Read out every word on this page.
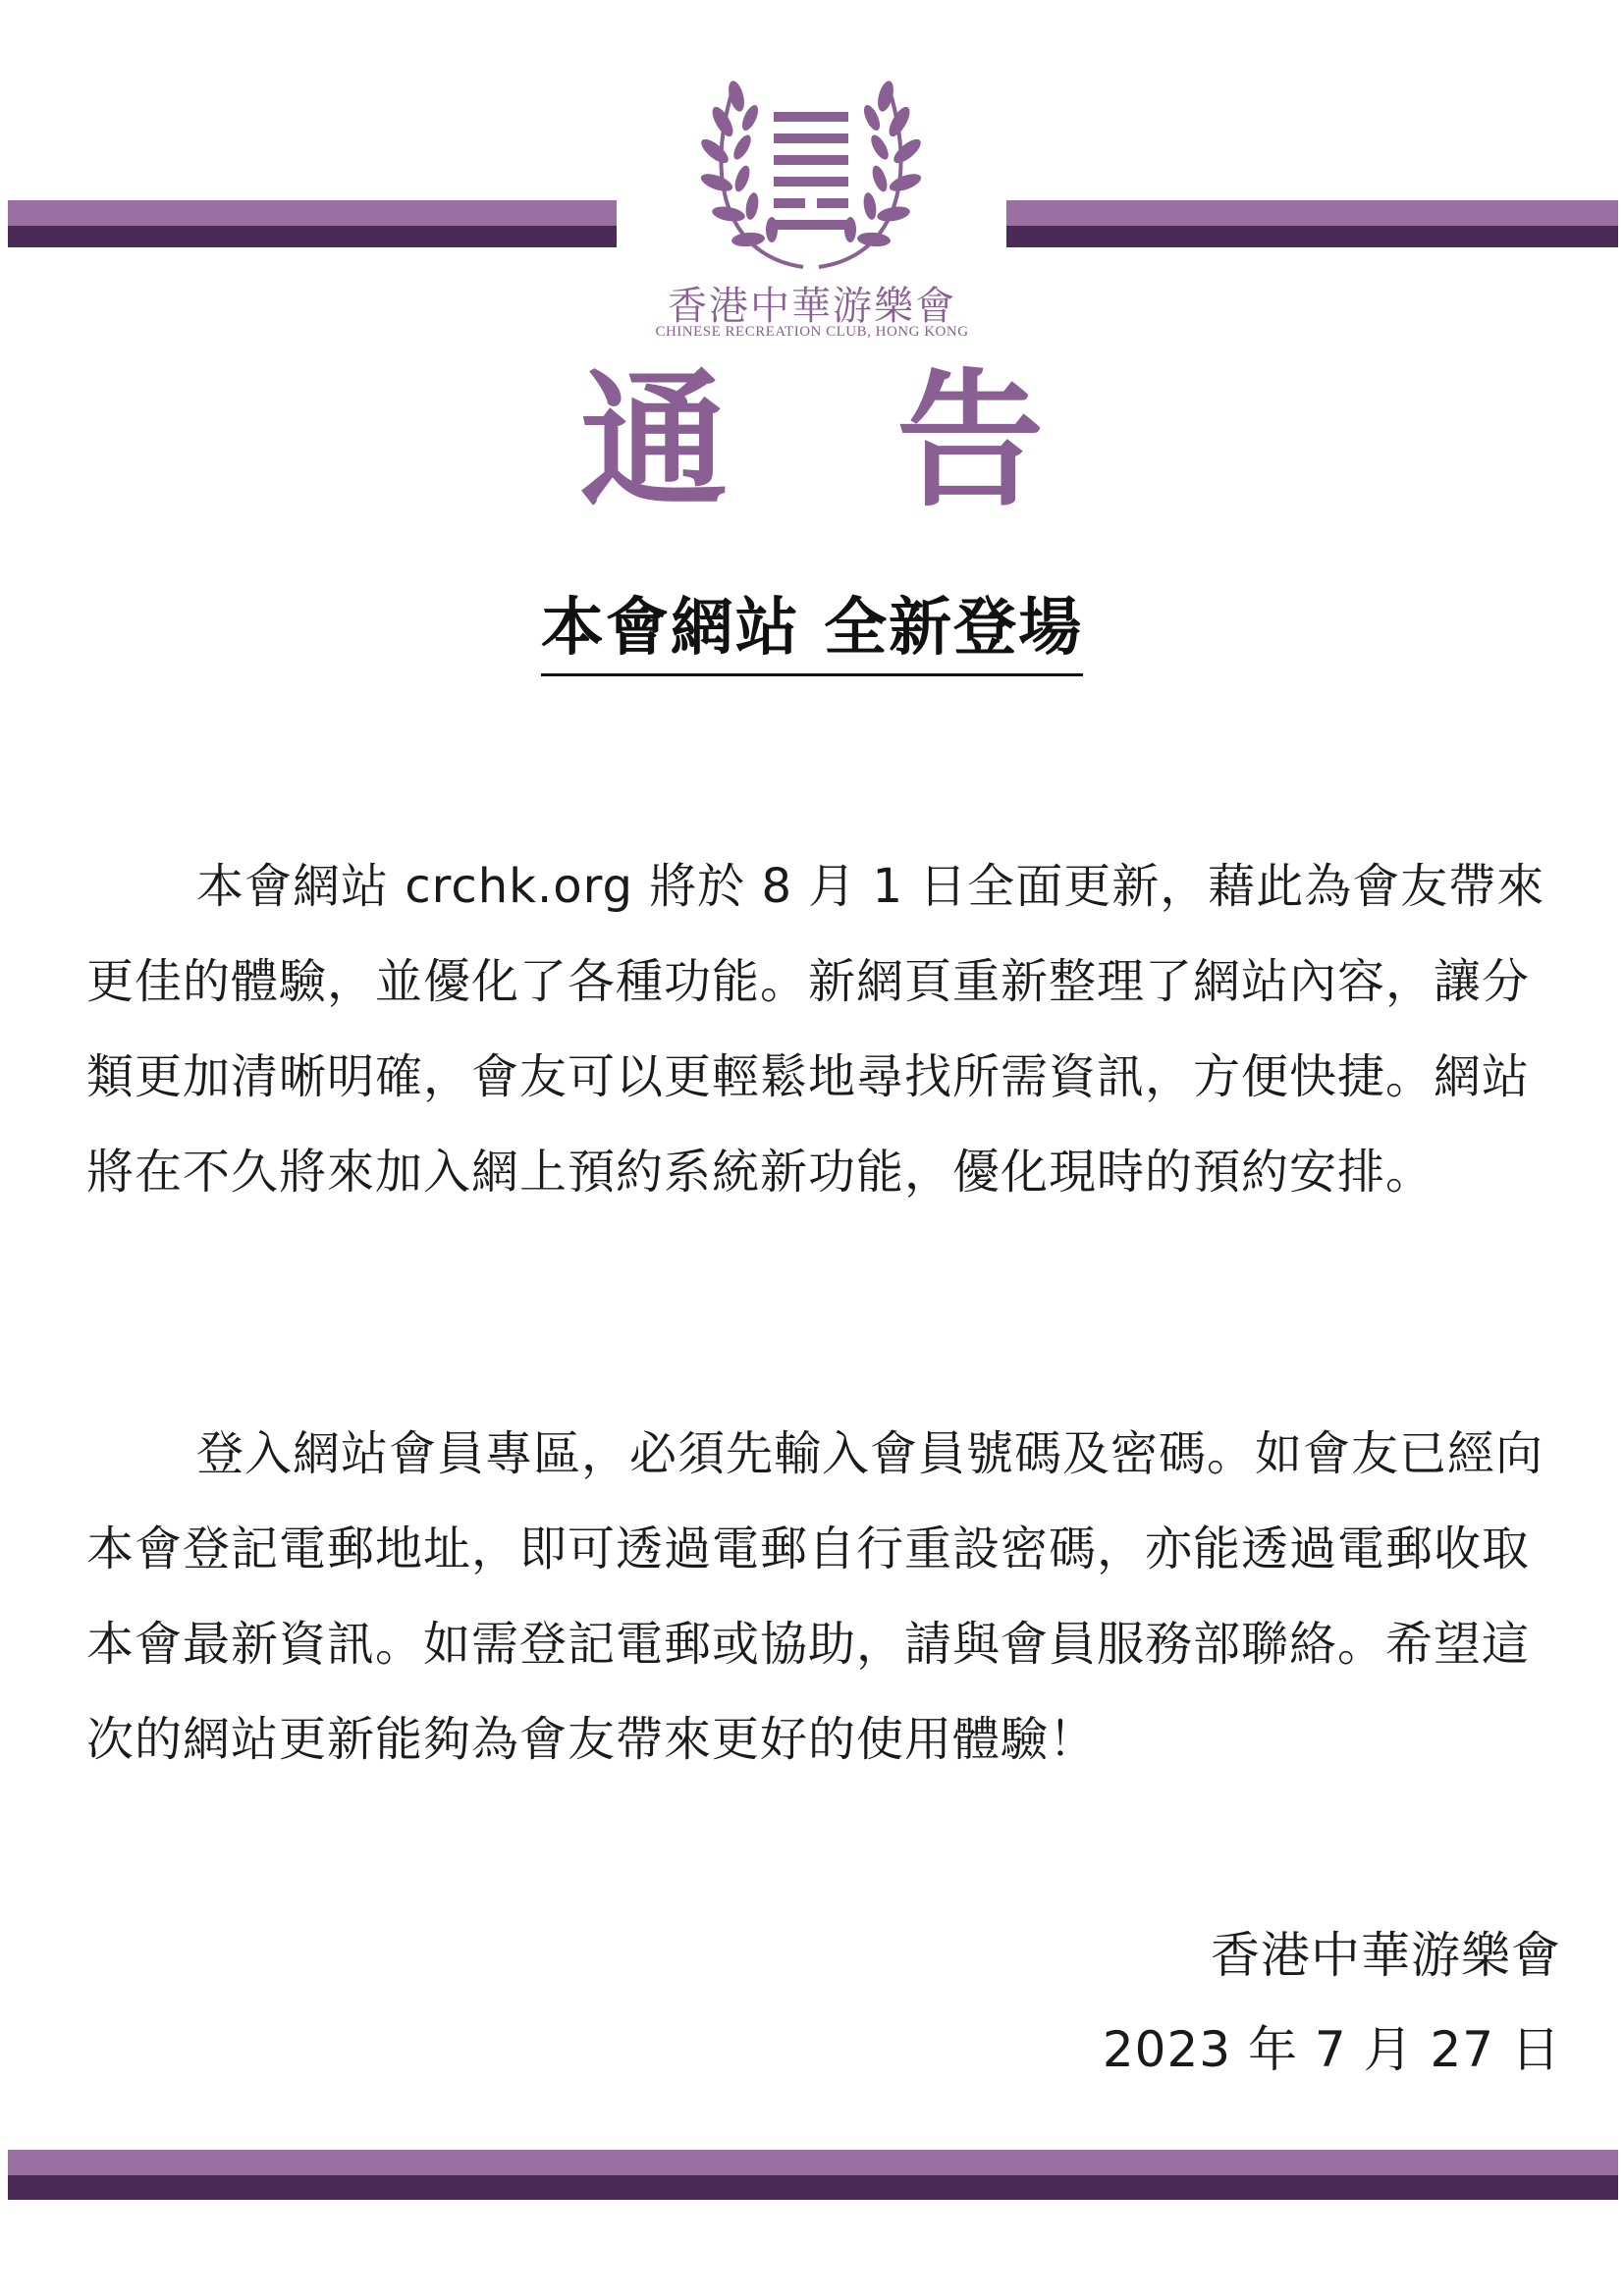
香港中華游樂會
CHINESE RECREATION CLUB, HONG KONG
通 告
本會網站 全新登場

本會網站 crchk.org 將於 8 月 1 日全面更新，藉此為會友帶來更佳的體驗，並優化了各種功能。新網頁重新整理了網站內容，讓分類更加清晰明確，會友可以更輕鬆地尋找所需資訊，方便快捷。網站將在不久將來加入網上預約系統新功能，優化現時的預約安排。

登入網站會員專區，必須先輸入會員號碼及密碼。如會友已經向本會登記電郵地址，即可透過電郵自行重設密碼，亦能透過電郵收取本會最新資訊。如需登記電郵或協助，請與會員服務部聯絡。希望這次的網站更新能夠為會友帶來更好的使用體驗！

香港中華游樂會
2023 年 7 月 27 日
